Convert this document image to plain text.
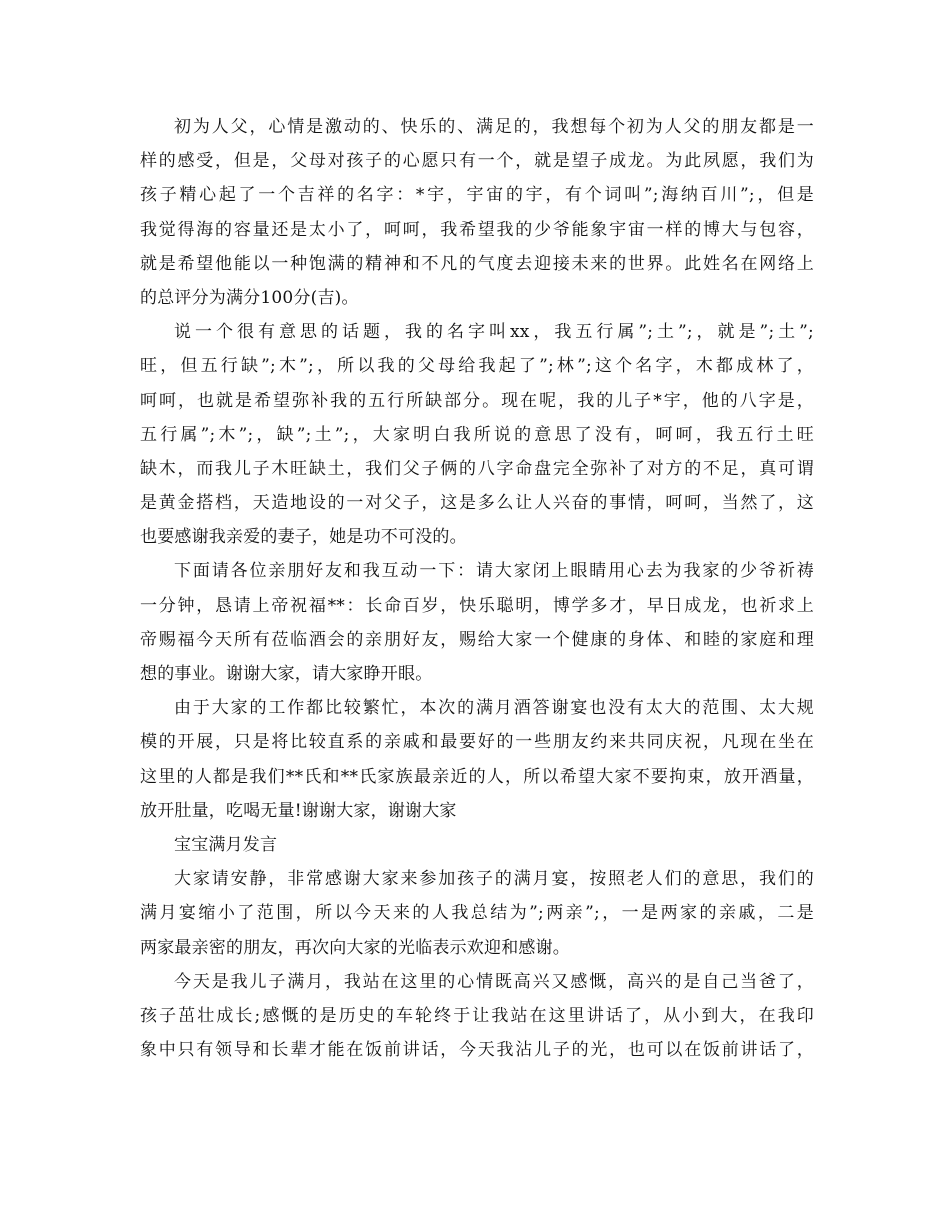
初为人父，心情是激动的、快乐的、满足的，我想每个初为人父的朋友都是一
样的感受，但是，父母对孩子的心愿只有一个，就是望子成龙。为此夙愿，我们为
孩子精心起了一个吉祥的名字：*宇，宇宙的宇，有个词叫”;海纳百川”;，但是
我觉得海的容量还是太小了，呵呵，我希望我的少爷能象宇宙一样的博大与包容，
就是希望他能以一种饱满的精神和不凡的气度去迎接未来的世界。此姓名在网络上
的总评分为满分100分(吉)。
说一个很有意思的话题，我的名字叫xx，我五行属”;土”;，就是”;土”;
旺，但五行缺”;木”;，所以我的父母给我起了”;林”;这个名字，木都成林了，
呵呵，也就是希望弥补我的五行所缺部分。现在呢，我的儿子*宇，他的八字是，
五行属”;木”;，缺”;土”;，大家明白我所说的意思了没有，呵呵，我五行土旺
缺木，而我儿子木旺缺土，我们父子俩的八字命盘完全弥补了对方的不足，真可谓
是黄金搭档，天造地设的一对父子，这是多么让人兴奋的事情，呵呵，当然了，这
也要感谢我亲爱的妻子，她是功不可没的。
下面请各位亲朋好友和我互动一下：请大家闭上眼睛用心去为我家的少爷祈祷
一分钟，恳请上帝祝福**：长命百岁，快乐聪明，博学多才，早日成龙，也祈求上
帝赐福今天所有莅临酒会的亲朋好友，赐给大家一个健康的身体、和睦的家庭和理
想的事业。谢谢大家，请大家睁开眼。
由于大家的工作都比较繁忙，本次的满月酒答谢宴也没有太大的范围、太大规
模的开展，只是将比较直系的亲戚和最要好的一些朋友约来共同庆祝，凡现在坐在
这里的人都是我们**氏和**氏家族最亲近的人，所以希望大家不要拘束，放开酒量，
放开肚量，吃喝无量!谢谢大家，谢谢大家
宝宝满月发言
大家请安静，非常感谢大家来参加孩子的满月宴，按照老人们的意思，我们的
满月宴缩小了范围，所以今天来的人我总结为”;两亲”;，一是两家的亲戚，二是
两家最亲密的朋友，再次向大家的光临表示欢迎和感谢。
今天是我儿子满月，我站在这里的心情既高兴又感慨，高兴的是自己当爸了，
孩子茁壮成长;感慨的是历史的车轮终于让我站在这里讲话了，从小到大，在我印
象中只有领导和长辈才能在饭前讲话，今天我沾儿子的光，也可以在饭前讲话了，
